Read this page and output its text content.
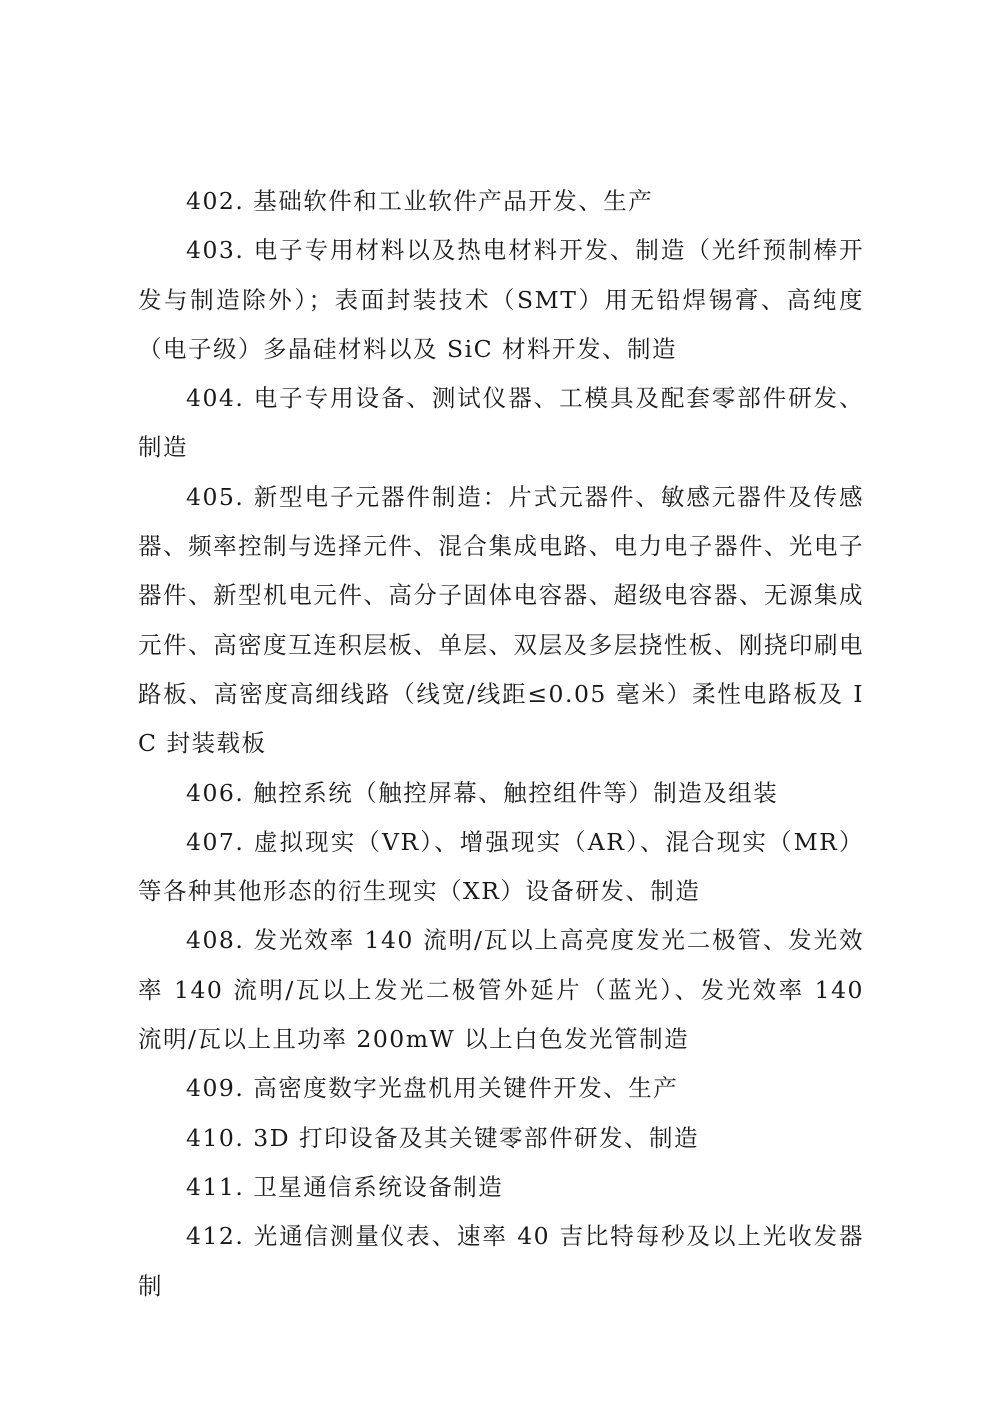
402. 基础软件和工业软件产品开发、生产

403. 电子专用材料以及热电材料开发、制造（光纤预制棒开发与制造除外）；表面封装技术（SMT）用无铅焊锡膏、高纯度（电子级）多晶硅材料以及 SiC 材料开发、制造

404. 电子专用设备、测试仪器、工模具及配套零部件研发、制造

405. 新型电子元器件制造：片式元器件、敏感元器件及传感器、频率控制与选择元件、混合集成电路、电力电子器件、光电子器件、新型机电元件、高分子固体电容器、超级电容器、无源集成元件、高密度互连积层板、单层、双层及多层挠性板、刚挠印刷电路板、高密度高细线路（线宽/线距≤0.05 毫米）柔性电路板及 IC 封装载板

406. 触控系统（触控屏幕、触控组件等）制造及组装

407. 虚拟现实（VR）、增强现实（AR）、混合现实（MR）等各种其他形态的衍生现实（XR）设备研发、制造

408. 发光效率 140 流明/瓦以上高亮度发光二极管、发光效率 140 流明/瓦以上发光二极管外延片（蓝光）、发光效率 140 流明/瓦以上且功率 200mW 以上白色发光管制造

409. 高密度数字光盘机用关键件开发、生产

410. 3D 打印设备及其关键零部件研发、制造

411. 卫星通信系统设备制造

412. 光通信测量仪表、速率 40 吉比特每秒及以上光收发器制
